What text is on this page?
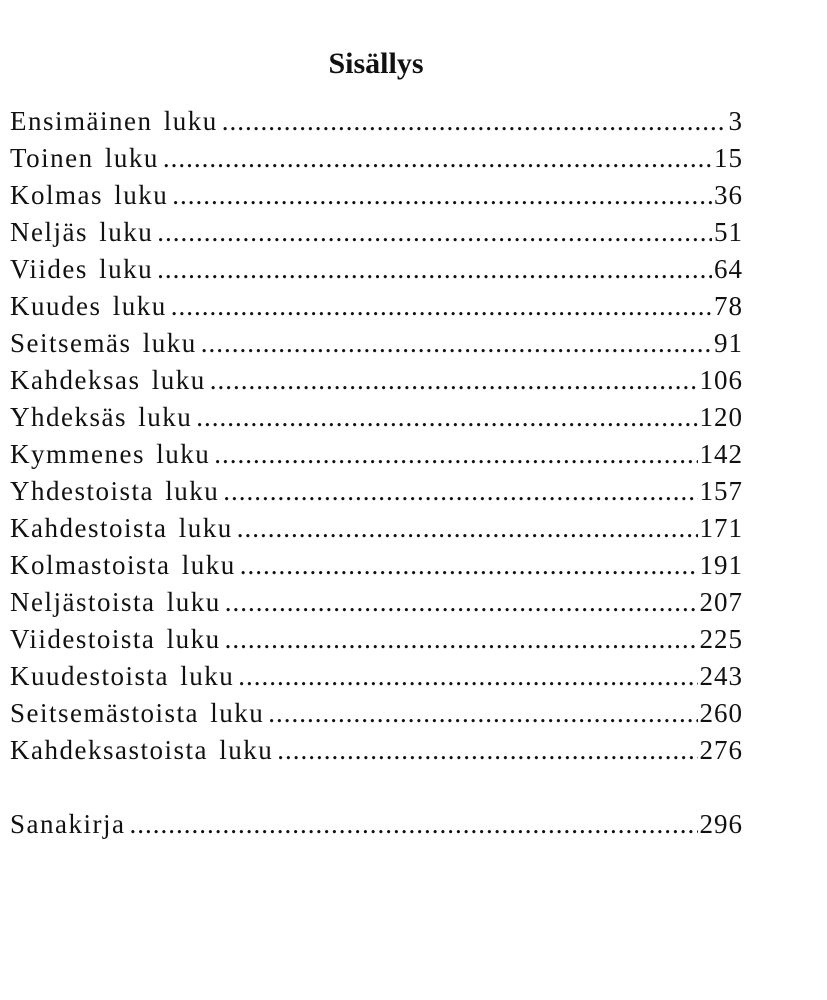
Sisällys
Ensimäinen luku .....	3
Toinen luku .....	15
Kolmas luku .....	36
Neljäs luku .....	51
Viides luku .....	64
Kuudes luku .....	78
Seitsemäs luku .....	91
Kahdeksas luku .....	106
Yhdeksäs luku .....	120
Kymmenes luku .....	142
Yhdestoista luku .....	157
Kahdestoista luku .....	171
Kolmastoista luku .....	191
Neljästoista luku .....	207
Viidestoista luku .....	225
Kuudestoista luku .....	243
Seitsemästoista luku .....	260
Kahdeksastoista luku .....	276
Sanakirja .....	296
